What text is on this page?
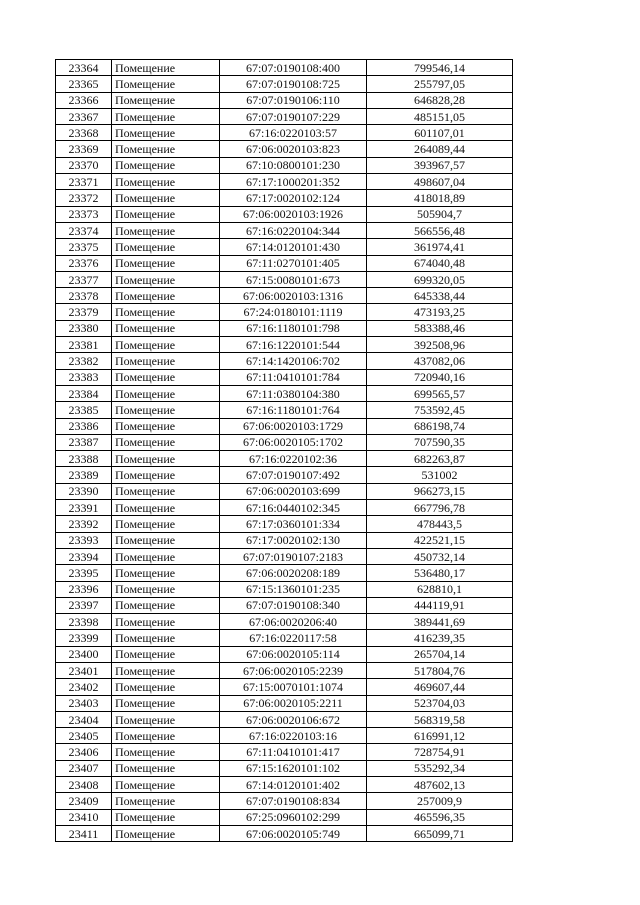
23364	Помещение	67:07:0190108:400	799546,14
23365	Помещение	67:07:0190108:725	255797,05
23366	Помещение	67:07:0190106:110	646828,28
23367	Помещение	67:07:0190107:229	485151,05
23368	Помещение	67:16:0220103:57	601107,01
23369	Помещение	67:06:0020103:823	264089,44
23370	Помещение	67:10:0800101:230	393967,57
23371	Помещение	67:17:1000201:352	498607,04
23372	Помещение	67:17:0020102:124	418018,89
23373	Помещение	67:06:0020103:1926	505904,7
23374	Помещение	67:16:0220104:344	566556,48
23375	Помещение	67:14:0120101:430	361974,41
23376	Помещение	67:11:0270101:405	674040,48
23377	Помещение	67:15:0080101:673	699320,05
23378	Помещение	67:06:0020103:1316	645338,44
23379	Помещение	67:24:0180101:1119	473193,25
23380	Помещение	67:16:1180101:798	583388,46
23381	Помещение	67:16:1220101:544	392508,96
23382	Помещение	67:14:1420106:702	437082,06
23383	Помещение	67:11:0410101:784	720940,16
23384	Помещение	67:11:0380104:380	699565,57
23385	Помещение	67:16:1180101:764	753592,45
23386	Помещение	67:06:0020103:1729	686198,74
23387	Помещение	67:06:0020105:1702	707590,35
23388	Помещение	67:16:0220102:36	682263,87
23389	Помещение	67:07:0190107:492	531002
23390	Помещение	67:06:0020103:699	966273,15
23391	Помещение	67:16:0440102:345	667796,78
23392	Помещение	67:17:0360101:334	478443,5
23393	Помещение	67:17:0020102:130	422521,15
23394	Помещение	67:07:0190107:2183	450732,14
23395	Помещение	67:06:0020208:189	536480,17
23396	Помещение	67:15:1360101:235	628810,1
23397	Помещение	67:07:0190108:340	444119,91
23398	Помещение	67:06:0020206:40	389441,69
23399	Помещение	67:16:0220117:58	416239,35
23400	Помещение	67:06:0020105:114	265704,14
23401	Помещение	67:06:0020105:2239	517804,76
23402	Помещение	67:15:0070101:1074	469607,44
23403	Помещение	67:06:0020105:2211	523704,03
23404	Помещение	67:06:0020106:672	568319,58
23405	Помещение	67:16:0220103:16	616991,12
23406	Помещение	67:11:0410101:417	728754,91
23407	Помещение	67:15:1620101:102	535292,34
23408	Помещение	67:14:0120101:402	487602,13
23409	Помещение	67:07:0190108:834	257009,9
23410	Помещение	67:25:0960102:299	465596,35
23411	Помещение	67:06:0020105:749	665099,71
